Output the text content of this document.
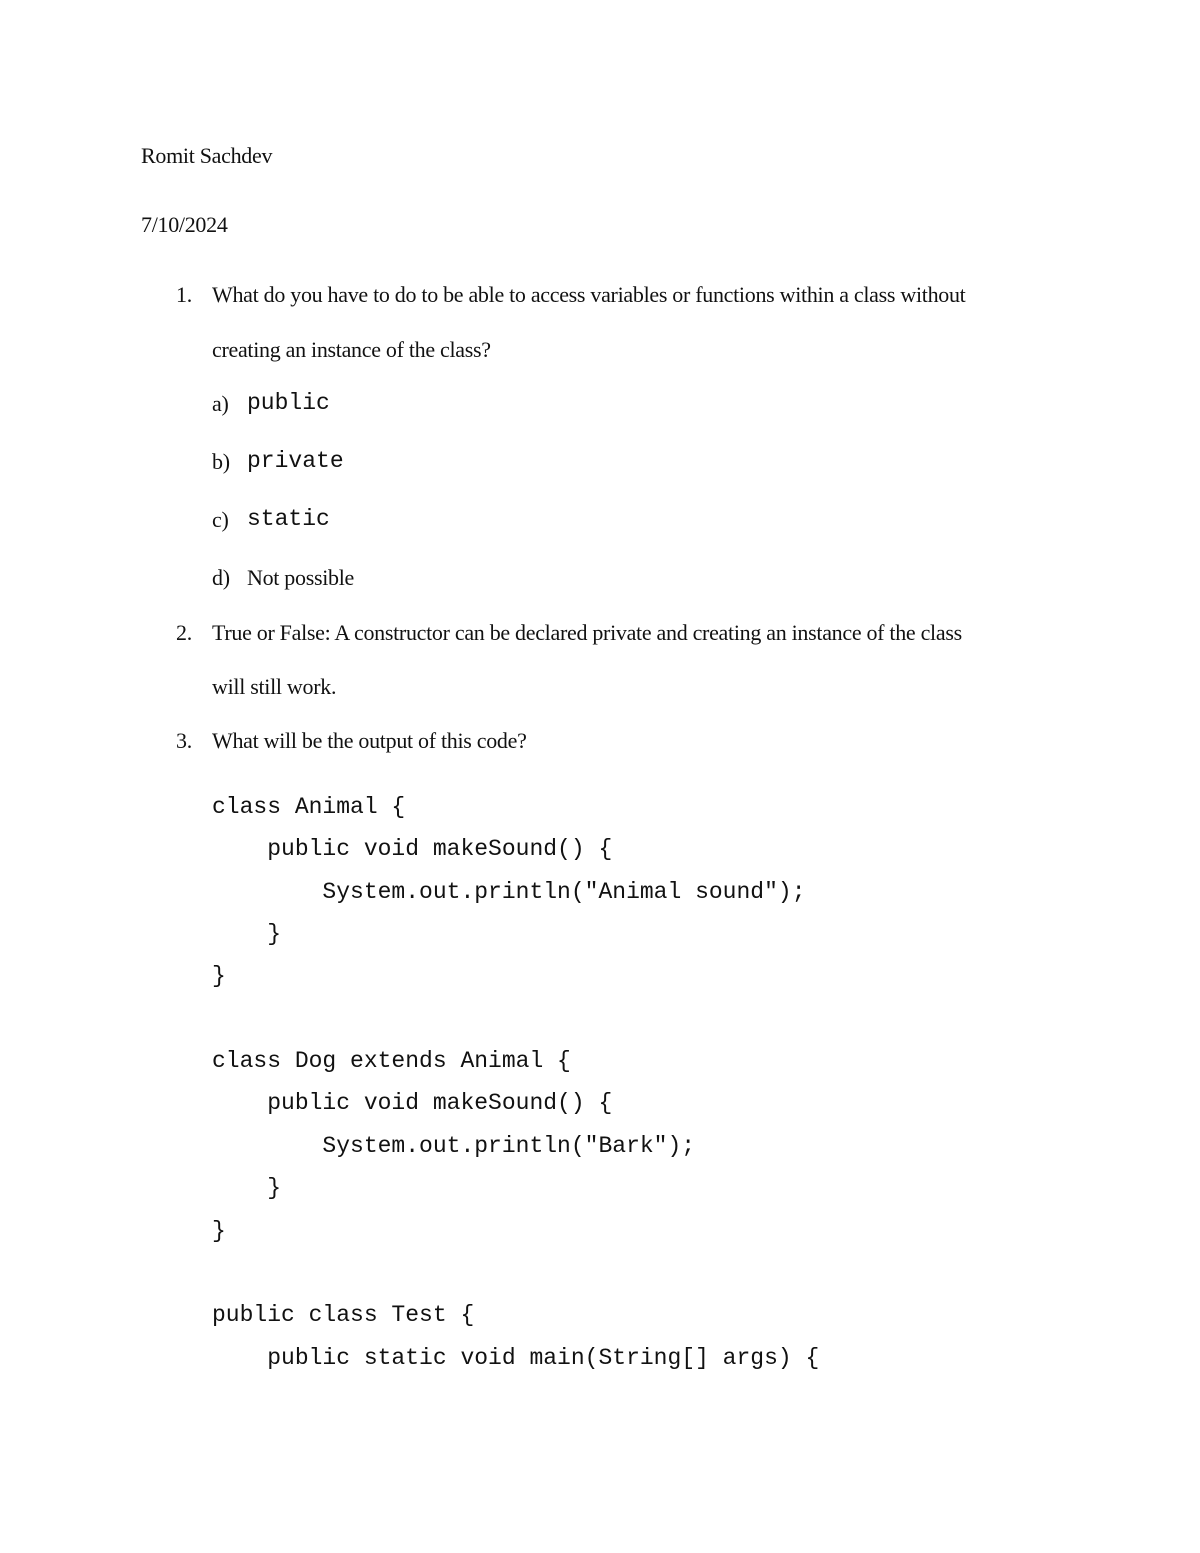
Romit Sachdev
7/10/2024
1. What do you have to do to be able to access variables or functions within a class without
creating an instance of the class?
a) public
b) private
c) static
d) Not possible
2. True or False: A constructor can be declared private and creating an instance of the class
will still work.
3. What will be the output of this code?
class Animal {
public void makeSound() {
System.out.println("Animal sound");
}
}
class Dog extends Animal {
public void makeSound() {
System.out.println("Bark");
}
}
public class Test {
public static void main(String[] args) {
